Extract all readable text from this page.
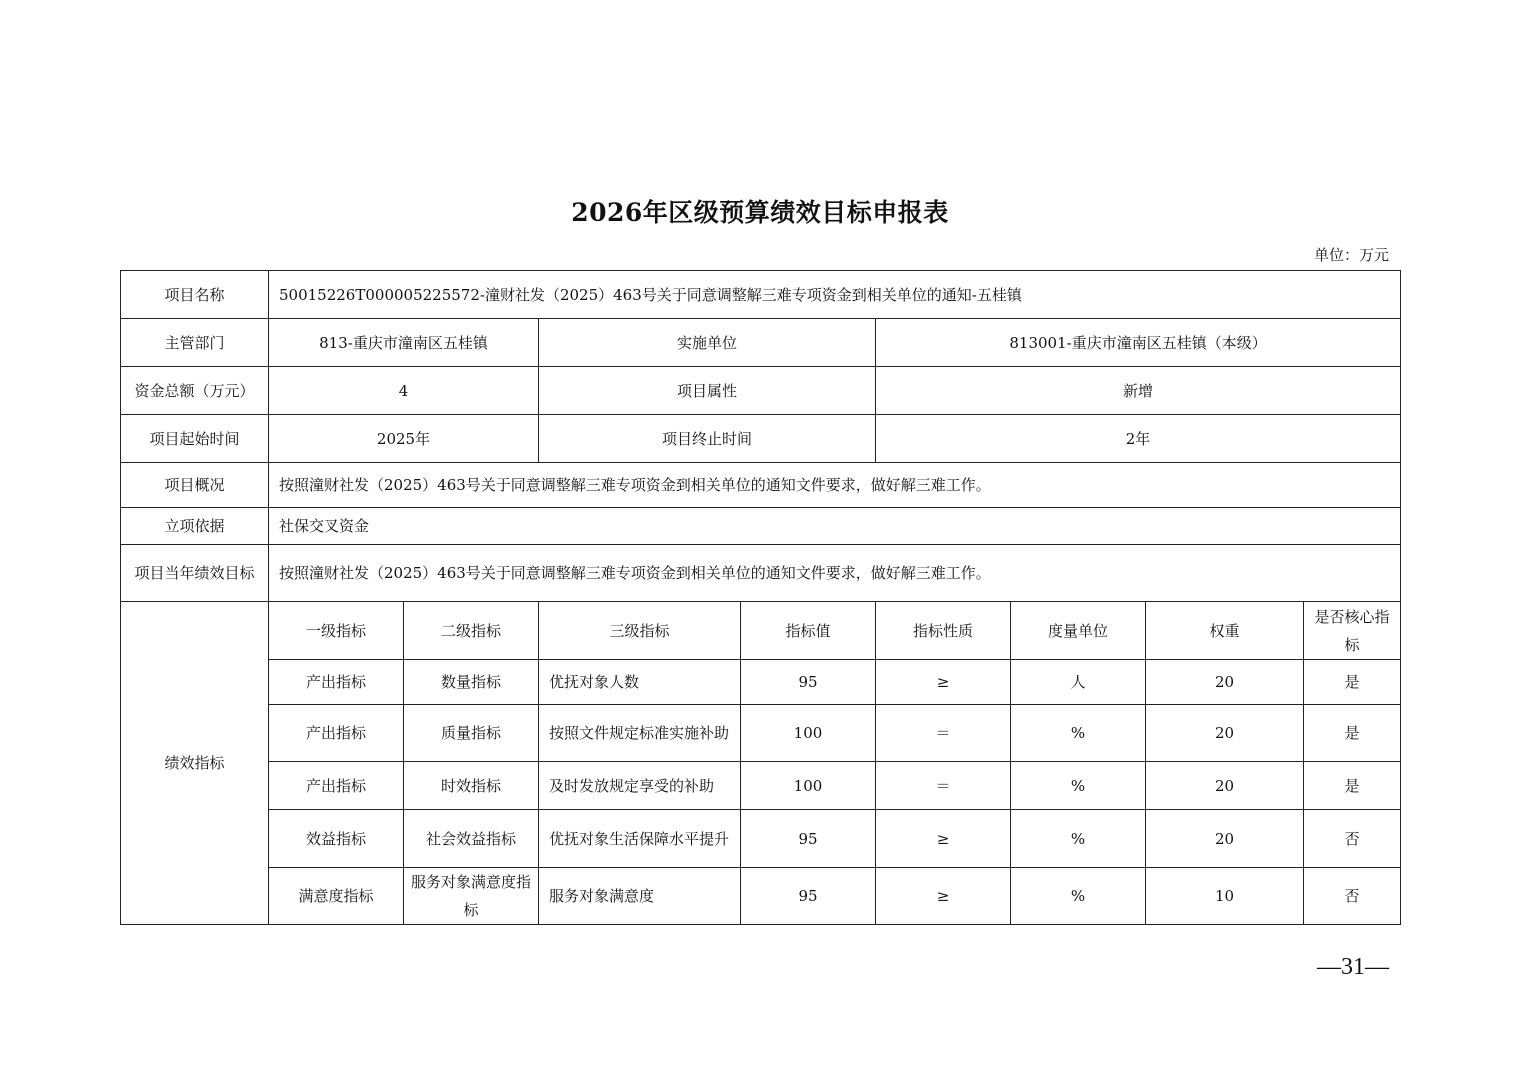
2026年区级预算绩效目标申报表
单位：万元
项目名称	50015226T000005225572-潼财社发（2025）463号关于同意调整解三难专项资金到相关单位的通知-五桂镇							
主管部门	813-重庆市潼南区五桂镇		实施单位		813001-重庆市潼南区五桂镇（本级）			
资金总额（万元）	4		项目属性		新增			
项目起始时间	2025年		项目终止时间		2年			
项目概况	按照潼财社发（2025）463号关于同意调整解三难专项资金到相关单位的通知文件要求，做好解三难工作。							
立项依据	社保交叉资金							
项目当年绩效目标	按照潼财社发（2025）463号关于同意调整解三难专项资金到相关单位的通知文件要求，做好解三难工作。							
绩效指标	一级指标	二级指标	三级指标	指标值	指标性质	度量单位	权重	是否核心指标
	产出指标	数量指标	优抚对象人数	95	≥	人	20	是
	产出指标	质量指标	按照文件规定标准实施补助	100	＝	%	20	是
	产出指标	时效指标	及时发放规定享受的补助	100	＝	%	20	是
	效益指标	社会效益指标	优抚对象生活保障水平提升	95	≥	%	20	否
	满意度指标	服务对象满意度指标	服务对象满意度	95	≥	%	10	否
—31—
